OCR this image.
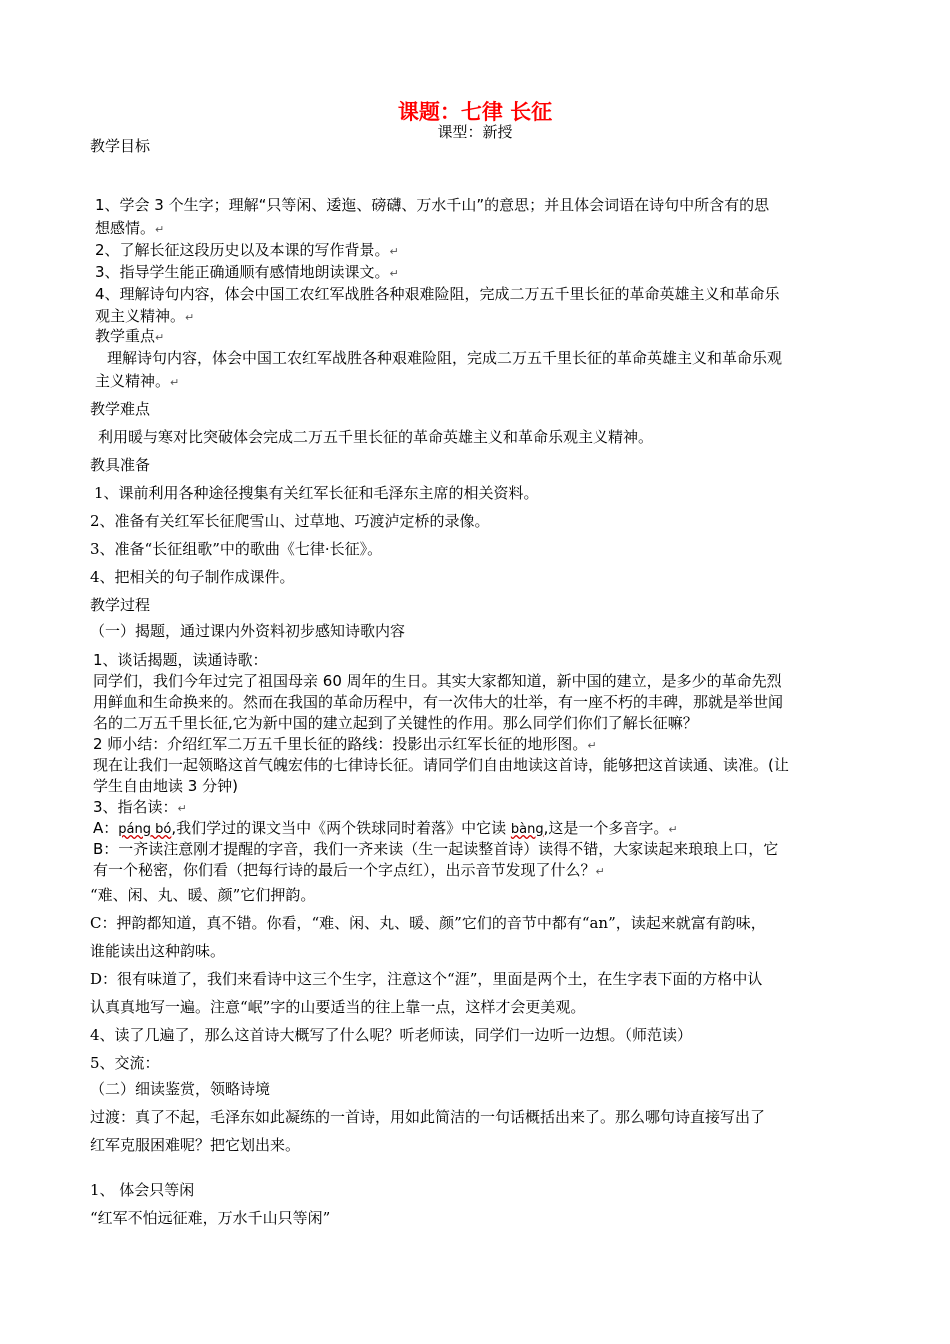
课题：七律 长征
课型：新授
教学目标
1、学会 3 个生字；理解“只等闲、逶迤、磅礴、万水千山”的意思；并且体会词语在诗句中所含有的思
想感情。↵
2、了解长征这段历史以及本课的写作背景。↵
3、指导学生能正确通顺有感情地朗读课文。↵
4、理解诗句内容，体会中国工农红军战胜各种艰难险阻，完成二万五千里长征的革命英雄主义和革命乐
观主义精神。↵
教学重点↵
理解诗句内容，体会中国工农红军战胜各种艰难险阻，完成二万五千里长征的革命英雄主义和革命乐观
主义精神。↵
教学难点
利用暖与寒对比突破体会完成二万五千里长征的革命英雄主义和革命乐观主义精神。
教具准备
1、课前利用各种途径搜集有关红军长征和毛泽东主席的相关资料。
2、准备有关红军长征爬雪山、过草地、巧渡泸定桥的录像。
3、准备“长征组歌”中的歌曲《七律·长征》。
4、把相关的句子制作成课件。
教学过程
（一）揭题，通过课内外资料初步感知诗歌内容
1、谈话揭题，读通诗歌：
同学们，我们今年过完了祖国母亲 60 周年的生日。其实大家都知道，新中国的建立，是多少的革命先烈
用鲜血和生命换来的。然而在我国的革命历程中，有一次伟大的壮举，有一座不朽的丰碑，那就是举世闻
名的二万五千里长征,它为新中国的建立起到了关键性的作用。那么同学们你们了解长征嘛？
2 师小结：介绍红军二万五千里长征的路线：投影出示红军长征的地形图。↵
现在让我们一起领略这首气魄宏伟的七律诗长征。请同学们自由地读这首诗，能够把这首读通、读准。(让
学生自由地读 3 分钟)
3、指名读：↵
A：páng bó,我们学过的课文当中《两个铁球同时着落》中它读 bàng,这是一个多音字。↵
B：一齐读注意刚才提醒的字音，我们一齐来读（生一起读整首诗）读得不错，大家读起来琅琅上口，它
有一个秘密，你们看（把每行诗的最后一个字点红），出示音节发现了什么？↵
“难、闲、丸、暖、颜”它们押韵。
C：押韵都知道，真不错。你看，“难、闲、丸、暖、颜”它们的音节中都有“an”，读起来就富有韵味，
谁能读出这种韵味。
D：很有味道了，我们来看诗中这三个生字，注意这个“涯”，里面是两个土，在生字表下面的方格中认
认真真地写一遍。注意“岷”字的山要适当的往上靠一点，这样才会更美观。
4、读了几遍了，那么这首诗大概写了什么呢？听老师读，同学们一边听一边想。（师范读）
5、交流：
（二）细读鉴赏，领略诗境
过渡：真了不起，毛泽东如此凝练的一首诗，用如此简洁的一句话概括出来了。那么哪句诗直接写出了
红军克服困难呢？把它划出来。
1、 体会只等闲
“红军不怕远征难，万水千山只等闲”
